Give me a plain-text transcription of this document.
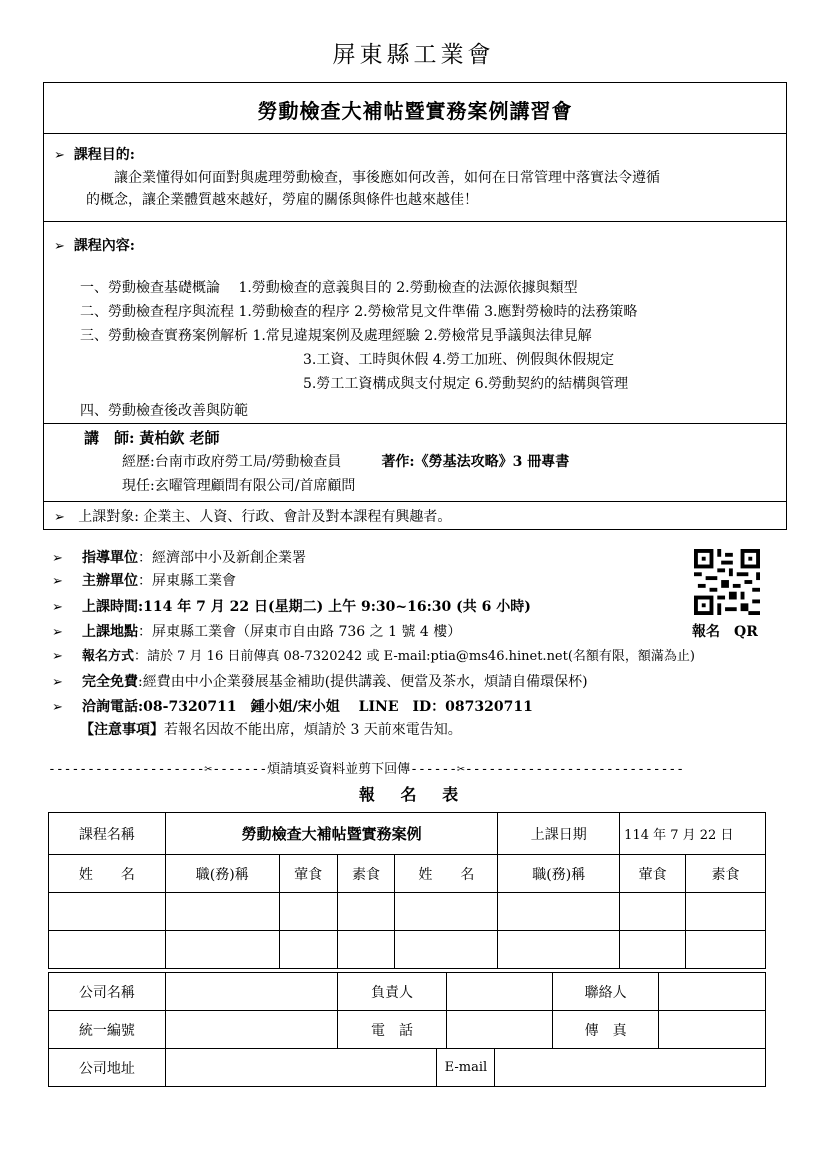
屏東縣工業會
勞動檢查大補帖暨實務案例講習會
➢ 課程目的:
讓企業懂得如何面對與處理勞動檢查，事後應如何改善，如何在日常管理中落實法令遵循
的概念，讓企業體質越來越好，勞雇的關係與條件也越來越佳！
➢ 課程內容:
一、勞動檢查基礎概論　 1.勞動檢查的意義與目的 2.勞動檢查的法源依據與類型
二、勞動檢查程序與流程 1.勞動檢查的程序 2.勞檢常見文件準備 3.應對勞檢時的法務策略
三、勞動檢查實務案例解析 1.常見違規案例及處理經驗 2.勞檢常見爭議與法律見解
3.工資、工時與休假 4.勞工加班、例假與休假規定
5.勞工工資構成與支付規定 6.勞動契約的結構與管理
四、勞動檢查後改善與防範
講　師: 黃柏欽 老師
經歷:台南市政府勞工局/勞動檢查員	著作:《勞基法攻略》3 冊專書
現任:玄曜管理顧問有限公司/首席顧問
➢ 上課對象: 企業主、人資、行政、會計及對本課程有興趣者。
➢ 指導單位：經濟部中小及新創企業署
➢ 主辦單位：屏東縣工業會
➢ 上課時間:114 年 7 月 22 日(星期二) 上午 9:30~16:30 (共 6 小時)
➢ 上課地點：屏東縣工業會（屏東市自由路 736 之 1 號 4 樓）
➢ 報名方式：請於 7 月 16 日前傳真 08-7320242 或 E-mail:ptia@ms46.hinet.net(名額有限，額滿為止)
➢ 完全免費:經費由中小企業發展基金補助(提供講義、便當及茶水，煩請自備環保杯)
➢ 洽詢電話:08-7320711　鍾小姐/宋小姐　 LINE　ID：087320711
【注意事項】若報名因故不能出席，煩請於 3 天前來電告知。
報名　QR
--------------------✂-------煩請填妥資料並剪下回傳------✂----------------------------
報 名 表
課程名稱	勞動檢查大補帖暨實務案例				上課日期	114 年 7 月 22 日	
姓　　名	職(務)稱	葷食	素食	姓　　名	職(務)稱	葷食	素食

公司名稱		負責人		聯絡人	
統一編號		電　話		傳　真	
公司地址		E-mail	
